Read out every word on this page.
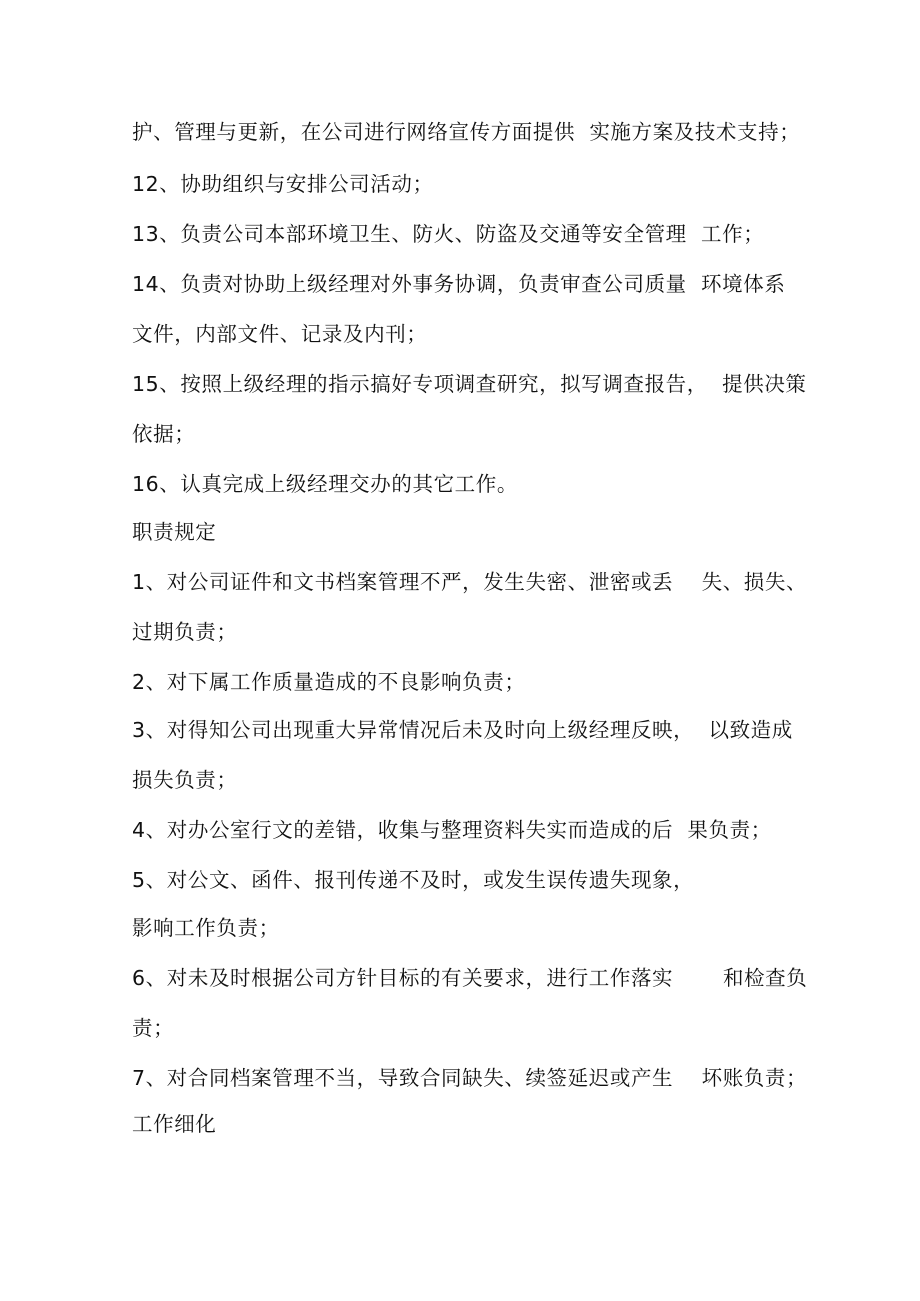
护、管理与更新，在公司进行网络宣传方面提供  实施方案及技术支持；
12、协助组织与安排公司活动；
13、负责公司本部环境卫生、防火、防盗及交通等安全管理  工作；
14、负责对协助上级经理对外事务协调，负责审查公司质量  环境体系
文件，内部文件、记录及内刊；
15、按照上级经理的指示搞好专项调查研究，拟写调查报告，  提供决策
依据；
16、认真完成上级经理交办的其它工作。
职责规定
1、对公司证件和文书档案管理不严，发生失密、泄密或丢    失、损失、
过期负责；
2、对下属工作质量造成的不良影响负责；
3、对得知公司出现重大异常情况后未及时向上级经理反映，  以致造成
损失负责；
4、对办公室行文的差错，收集与整理资料失实而造成的后  果负责；
5、对公文、函件、报刊传递不及时，或发生误传遗失现象，
影响工作负责；
6、对未及时根据公司方针目标的有关要求，进行工作落实       和检查负
责；
7、对合同档案管理不当，导致合同缺失、续签延迟或产生    坏账负责；
工作细化
